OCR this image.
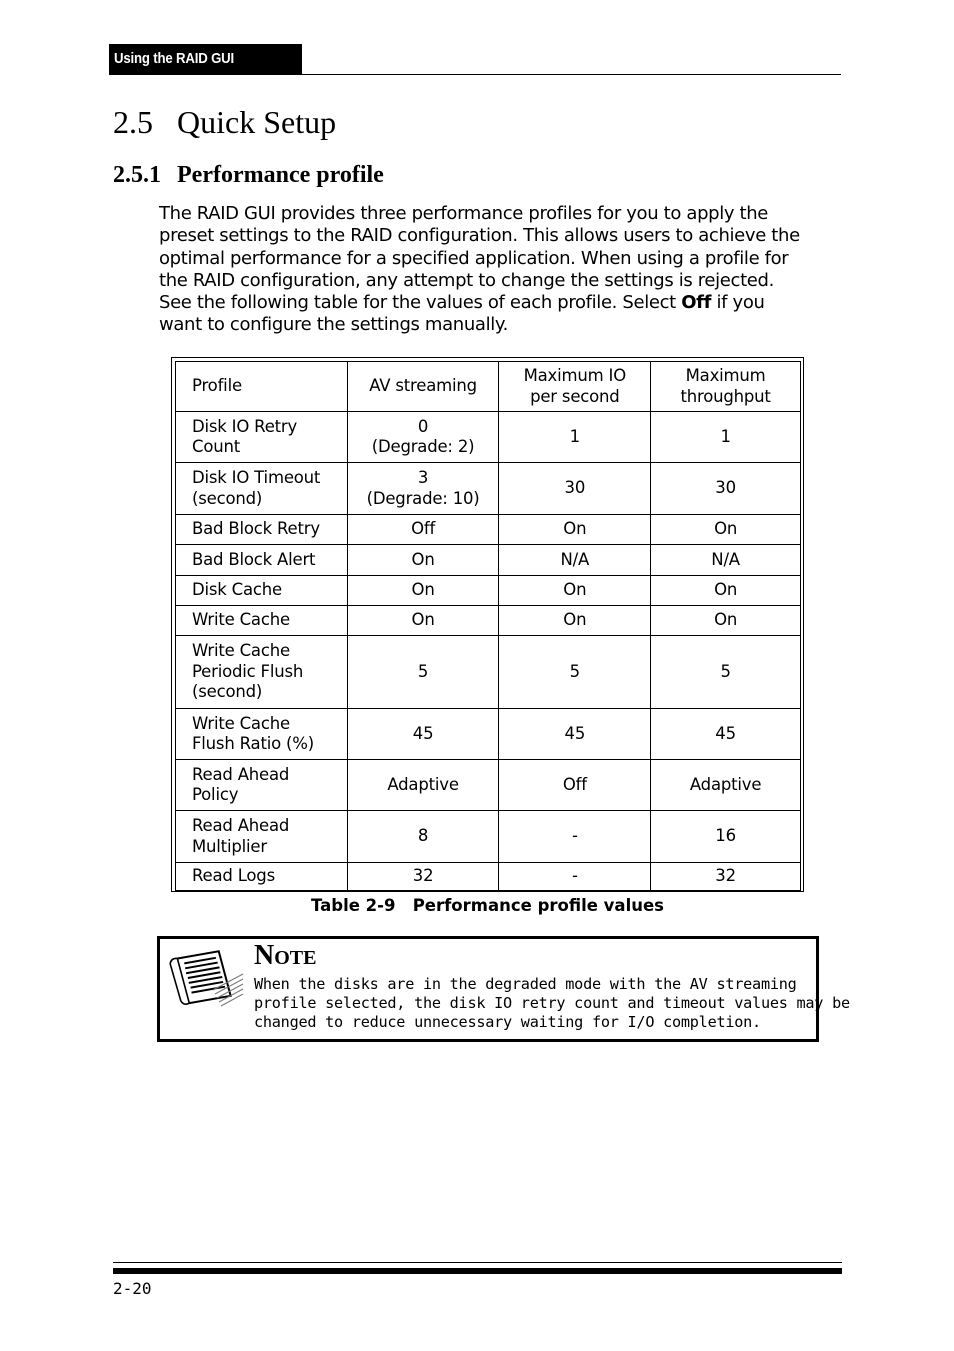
Using the RAID GUI
2.5 Quick Setup
2.5.1 Performance profile
The RAID GUI provides three performance profiles for you to apply the
preset settings to the RAID configuration. This allows users to achieve the
optimal performance for a specified application. When using a profile for
the RAID configuration, any attempt to change the settings is rejected.
See the following table for the values of each profile. Select Off if you
want to configure the settings manually.
Profile	AV streaming	Maximum IO
per second	Maximum
throughput
Disk IO Retry
Count	0
(Degrade: 2)	1	1
Disk IO Timeout
(second)	3
(Degrade: 10)	30	30
Bad Block Retry	Off	On	On
Bad Block Alert	On	N/A	N/A
Disk Cache	On	On	On
Write Cache	On	On	On
Write Cache
Periodic Flush
(second)	5	5	5
Write Cache
Flush Ratio (%)	45	45	45
Read Ahead
Policy	Adaptive	Off	Adaptive
Read Ahead
Multiplier	8	-	16
Read Logs	32	-	32
Table 2-9   Performance profile values
NOTE
When the disks are in the degraded mode with the AV streaming
profile selected, the disk IO retry count and timeout values may be
changed to reduce unnecessary waiting for I/O completion.
2-20
